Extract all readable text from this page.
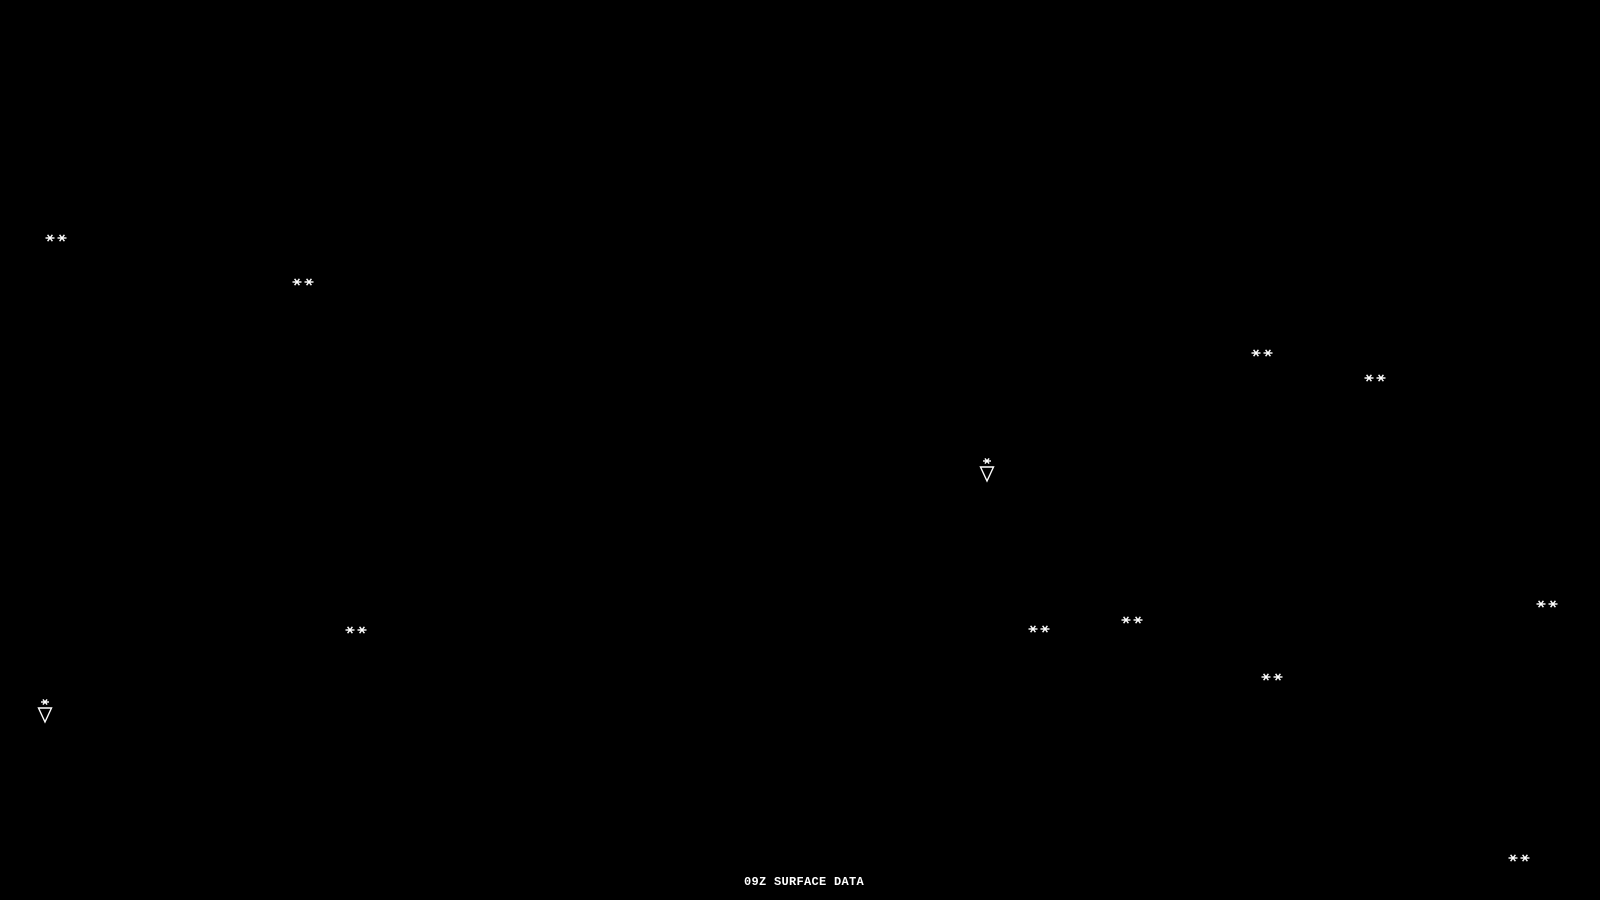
09Z SURFACE DATA
